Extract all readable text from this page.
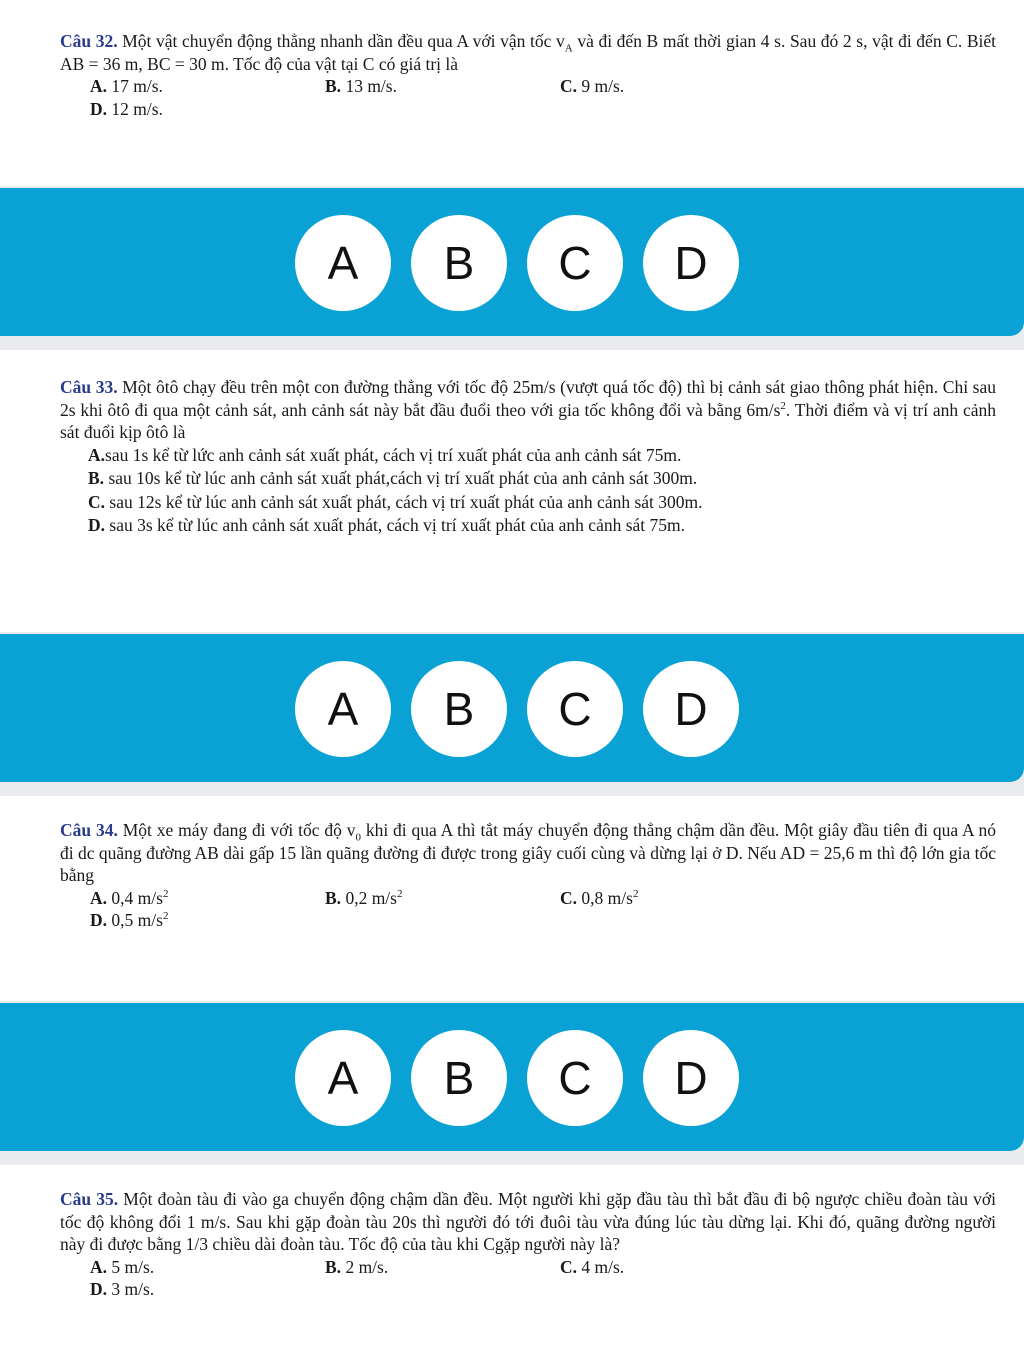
Câu 32. Một vật chuyển động thẳng nhanh dần đều qua A với vận tốc $v_A$ và đi đến B mất thời gian 4 s. Sau đó 2 s, vật đi đến C. Biết AB = 36 m, BC = 30 m. Tốc độ của vật tại C có giá trị là

A. 17 m/s.	B. 13 m/s.	C. 9 m/s.
D. 12 m/s.
A	B	C	D

Câu 33. Một ôtô chạy đều trên một con đường thẳng với tốc độ 25m/s (vượt quá tốc độ) thì bị cảnh sát giao thông phát hiện. Chỉ sau 2s khi ôtô đi qua một cảnh sát, anh cảnh sát này bắt đầu đuổi theo với gia tốc không đổi và bằng $6m/s^2$. Thời điểm và vị trí anh cảnh sát đuổi kịp ôtô là

A.sau 1s kể từ lức anh cảnh sát xuất phát, cách vị trí xuất phát của anh cảnh sát 75m.
B. sau 10s kể từ lúc anh cảnh sát xuất phát,cách vị trí xuất phát của anh cảnh sát 300m.
C. sau 12s kể từ lúc anh cảnh sát xuất phát, cách vị trí xuất phát của anh cảnh sát 300m.
D. sau 3s kể từ lúc anh cảnh sát xuất phát, cách vị trí xuất phát của anh cảnh sát 75m.
A	B	C	D

Câu 34. Một xe máy đang đi với tốc độ $v_0$ khi đi qua A thì tắt máy chuyển động thẳng chậm dần đều. Một giây đầu tiên đi qua A nó đi dc quãng đường AB dài gấp 15 lần quãng đường đi được trong giây cuối cùng và dừng lại ở D. Nếu AD = 25,6 m thì độ lớn gia tốc bằng

A. 0,4 $m/s^2$	B. 0,2 $m/s^2$	C. 0,8 $m/s^2$
D. 0,5 $m/s^2$
A	B	C	D

Câu 35. Một đoàn tàu đi vào ga chuyển động chậm dần đều. Một người khi gặp đầu tàu thì bắt đầu đi bộ ngược chiều đoàn tàu với tốc độ không đổi 1 m/s. Sau khi gặp đoàn tàu 20s thì người đó tới đuôi tàu vừa đúng lúc tàu dừng lại. Khi đó, quãng đường người này đi được bằng 1/3 chiều dài đoàn tàu. Tốc độ của tàu khi Cgặp người này là?

A. 5 m/s.	B. 2 m/s.	C. 4 m/s.
D. 3 m/s.
